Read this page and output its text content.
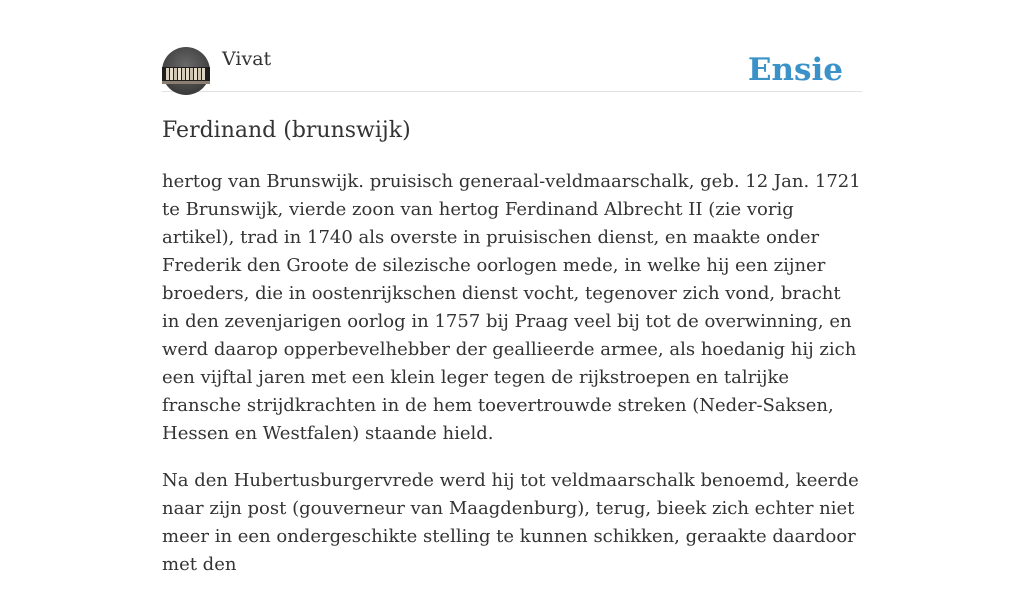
Vivat	Ensie
Ferdinand (brunswijk)

hertog van Brunswijk. pruisisch generaal-veldmaarschalk, geb. 12 Jan. 1721 te Brunswijk, vierde zoon van hertog Ferdinand Albrecht II (zie vorig artikel), trad in 1740 als overste in pruisischen dienst, en maakte onder Frederik den Groote de silezische oorlogen mede, in welke hij een zijner broeders, die in oostenrijkschen dienst vocht, tegenover zich vond, bracht in den zevenjarigen oorlog in 1757 bij Praag veel bij tot de overwinning, en werd daarop opperbevelhebber der geallieerde armee, als hoedanig hij zich een vijftal jaren met een klein leger tegen de rijkstroepen en talrijke fransche strijdkrachten in de hem toevertrouwde streken (Neder-Saksen, Hessen en Westfalen) staande hield.

Na den Hubertusburgervrede werd hij tot veldmaarschalk benoemd, keerde naar zijn post (gouverneur van Maagdenburg), terug, bieek zich echter niet meer in een ondergeschikte stelling te kunnen schikken, geraakte daardoor met den
